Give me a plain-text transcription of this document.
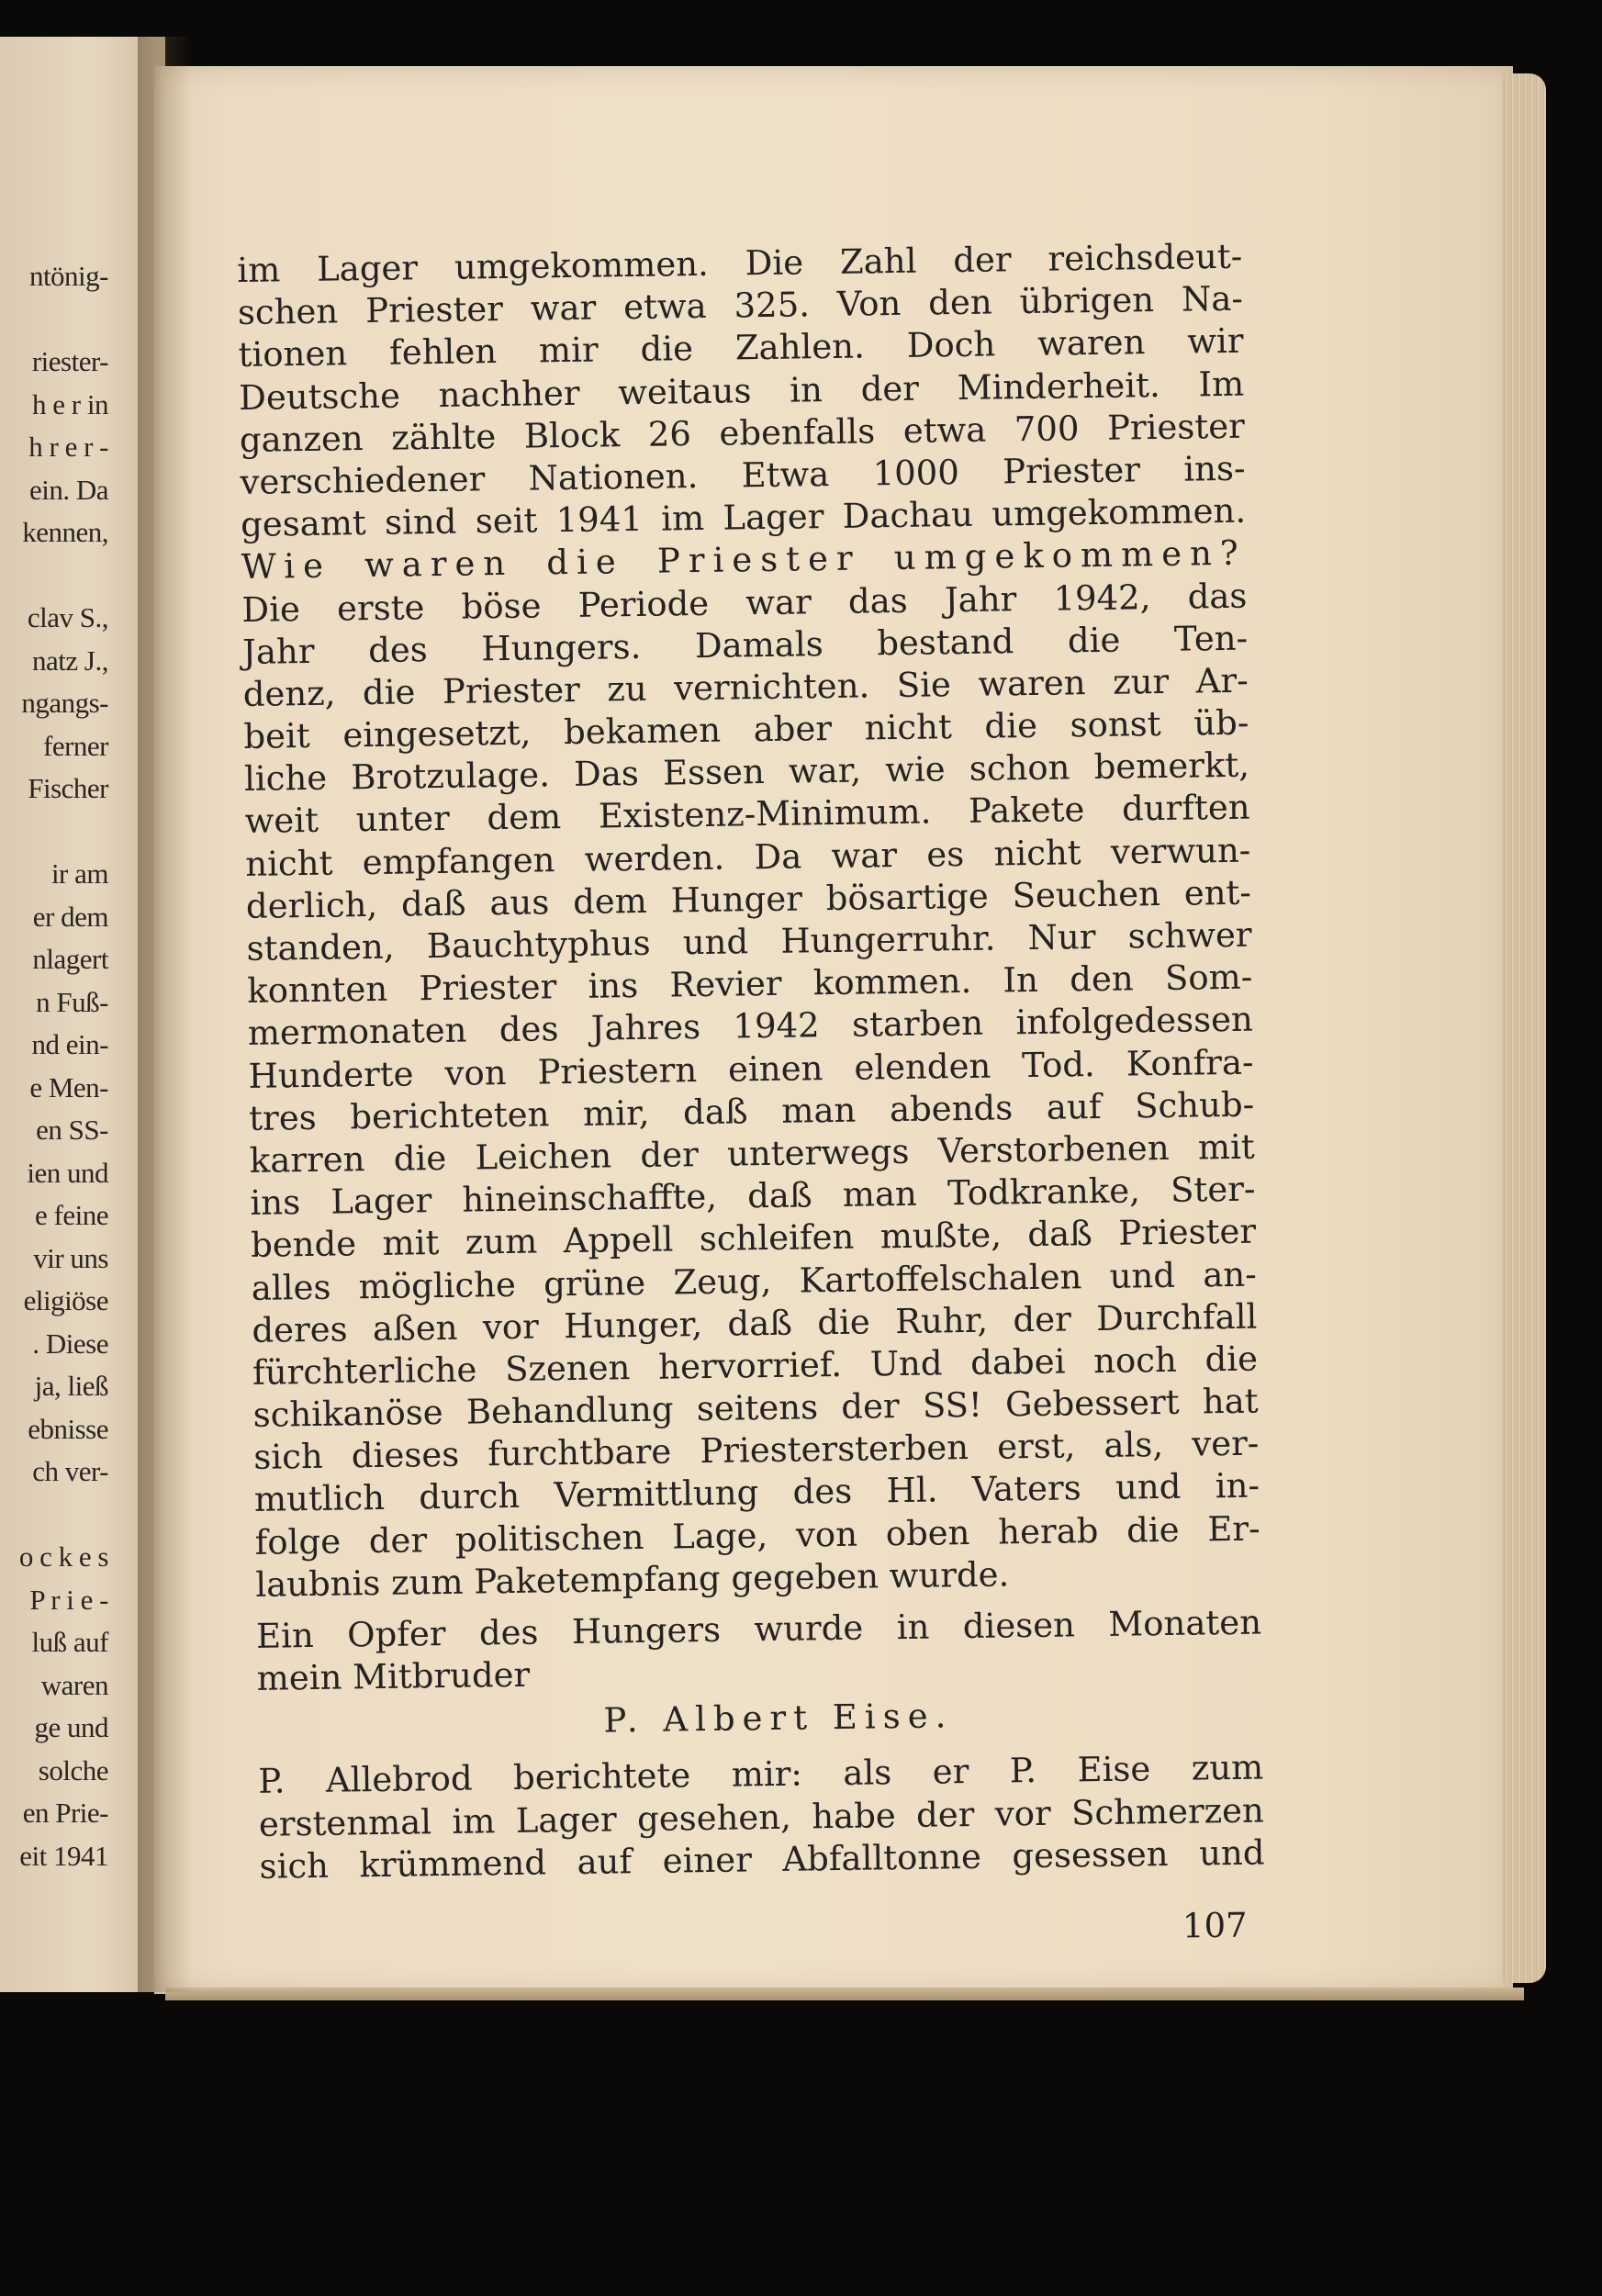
ntönig-
riester-
h e r in
h r e r -
ein. Da
kennen,
clav S.,
natz J.,
ngangs-
ferner
Fischer
ir am
er dem
nlagert
n Fuß-
nd ein-
e Men-
en SS-
ien und
e feine
vir uns
eligiöse
. Diese
ja, ließ
ebnisse
ch ver-
o c k e s
P r i e -
luß auf
waren
ge und
solche
en Prie-
eit 1941
im Lager umgekommen. Die Zahl der reichsdeut-
schen Priester war etwa 325. Von den übrigen Na-
tionen fehlen mir die Zahlen. Doch waren wir
Deutsche nachher weitaus in der Minderheit. Im
ganzen zählte Block 26 ebenfalls etwa 700 Priester
verschiedener Nationen. Etwa 1000 Priester ins-
gesamt sind seit 1941 im Lager Dachau umgekommen.
Wie waren die Priester umgekommen?
Die erste böse Periode war das Jahr 1942, das
Jahr des Hungers. Damals bestand die Ten-
denz, die Priester zu vernichten. Sie waren zur Ar-
beit eingesetzt, bekamen aber nicht die sonst üb-
liche Brotzulage. Das Essen war, wie schon bemerkt,
weit unter dem Existenz-Minimum. Pakete durften
nicht empfangen werden. Da war es nicht verwun-
derlich, daß aus dem Hunger bösartige Seuchen ent-
standen, Bauchtyphus und Hungerruhr. Nur schwer
konnten Priester ins Revier kommen. In den Som-
mermonaten des Jahres 1942 starben infolgedessen
Hunderte von Priestern einen elenden Tod. Konfra-
tres berichteten mir, daß man abends auf Schub-
karren die Leichen der unterwegs Verstorbenen mit
ins Lager hineinschaffte, daß man Todkranke, Ster-
bende mit zum Appell schleifen mußte, daß Priester
alles mögliche grüne Zeug, Kartoffelschalen und an-
deres aßen vor Hunger, daß die Ruhr, der Durchfall
fürchterliche Szenen hervorrief. Und dabei noch die
schikanöse Behandlung seitens der SS! Gebessert hat
sich dieses furchtbare Priestersterben erst, als, ver-
mutlich durch Vermittlung des Hl. Vaters und in-
folge der politischen Lage, von oben herab die Er-
laubnis zum Paketempfang gegeben wurde.
Ein Opfer des Hungers wurde in diesen Monaten
mein Mitbruder
P. Albert Eise.
P. Allebrod berichtete mir: als er P. Eise zum
erstenmal im Lager gesehen, habe der vor Schmerzen
sich krümmend auf einer Abfalltonne gesessen und
107
